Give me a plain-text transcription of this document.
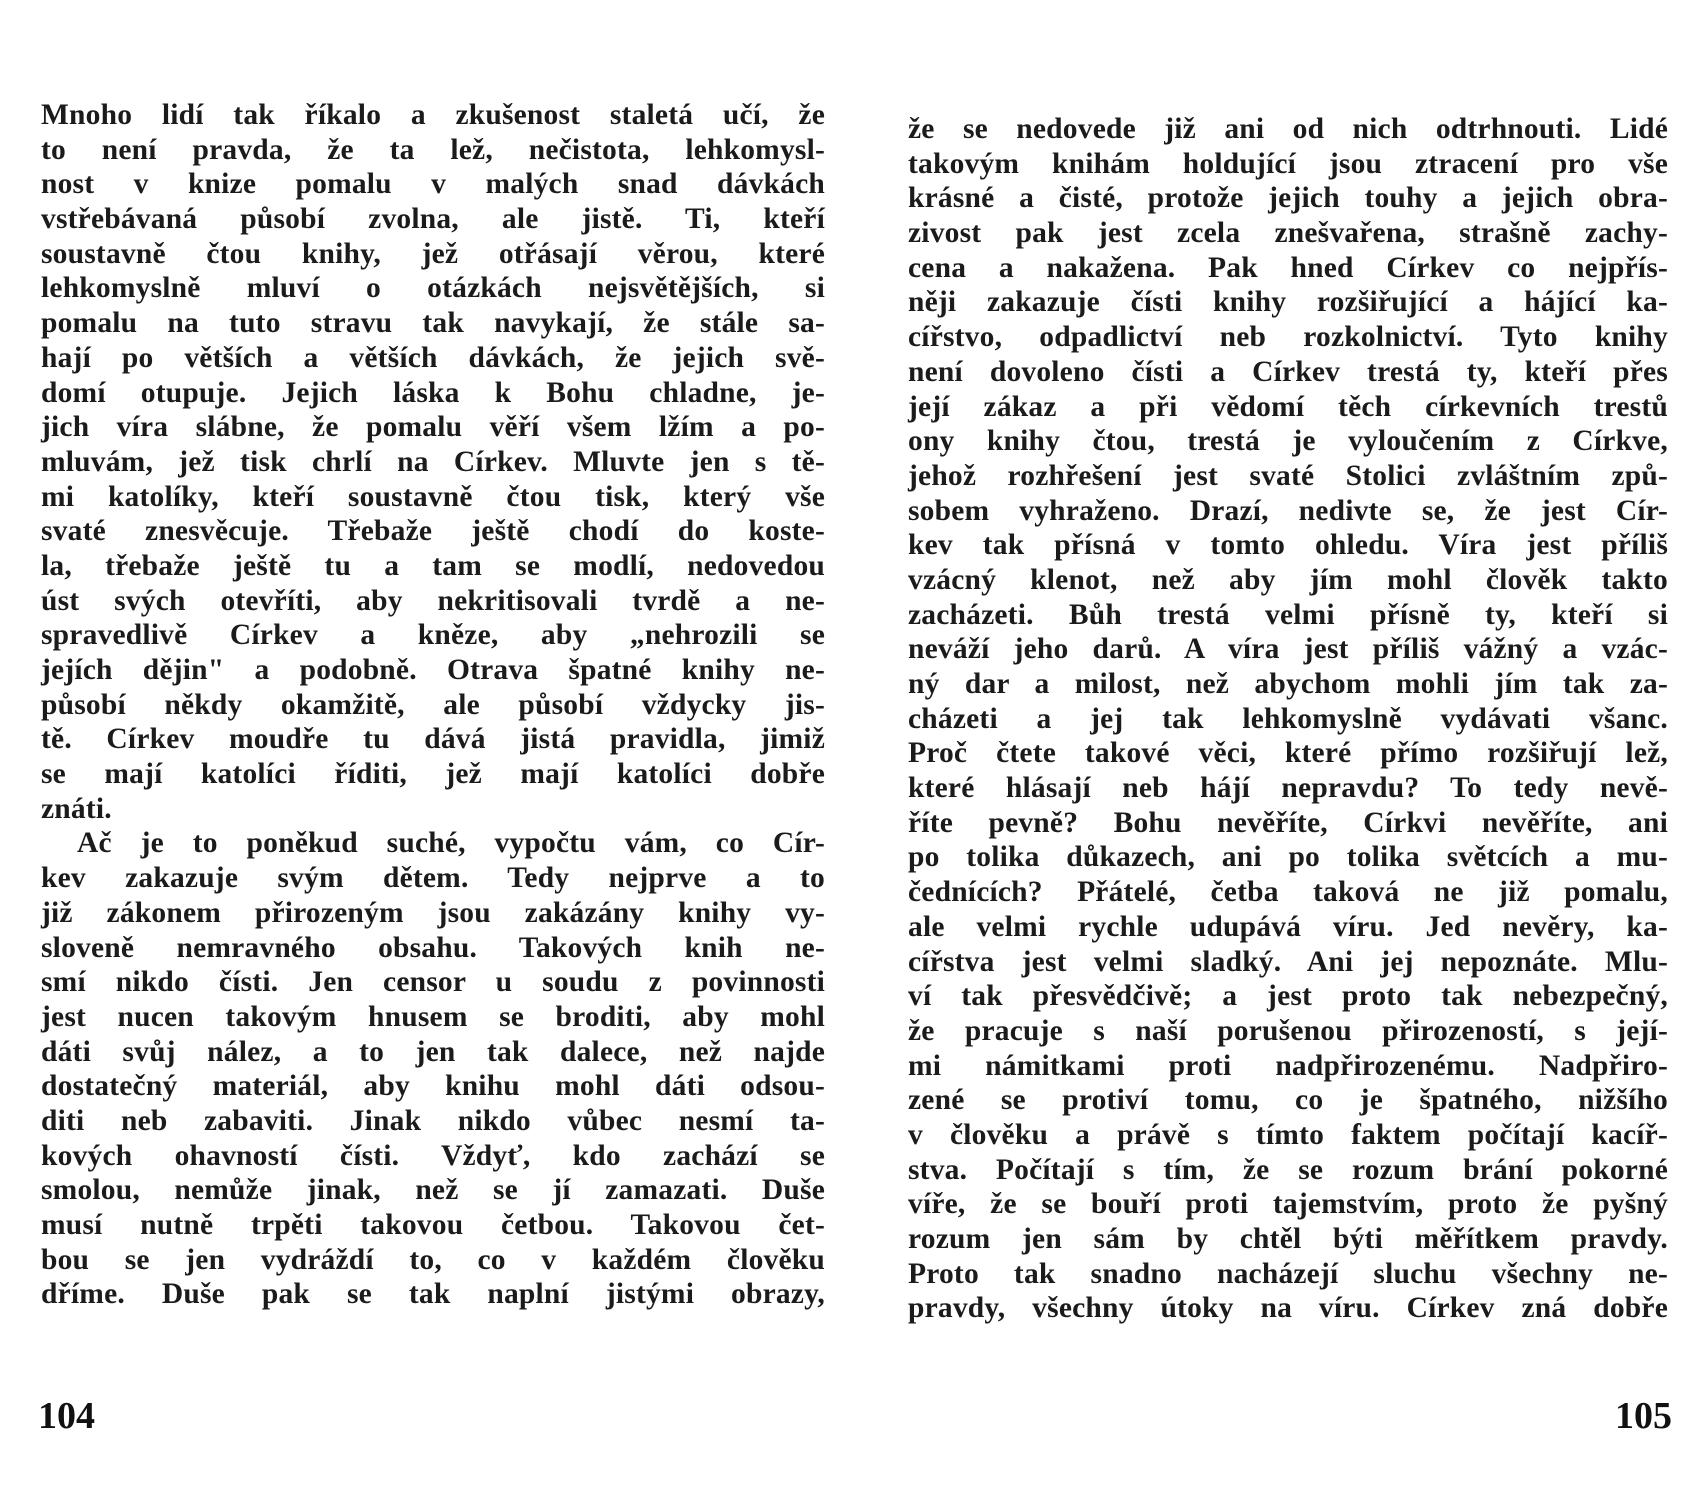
Mnoho lidí tak říkalo a zkušenost staletá učí, že
to není pravda, že ta lež, nečistota, lehkomysl-
nost v knize pomalu v malých snad dávkách
vstřebávaná působí zvolna, ale jistě. Ti, kteří
soustavně čtou knihy, jež otřásají věrou, které
lehkomyslně mluví o otázkách nejsvětějších, si
pomalu na tuto stravu tak navykají, že stále sa-
hají po větších a větších dávkách, že jejich svě-
domí otupuje. Jejich láska k Bohu chladne, je-
jich víra slábne, že pomalu věří všem lžím a po-
mluvám, jež tisk chrlí na Církev. Mluvte jen s tě-
mi katolíky, kteří soustavně čtou tisk, který vše
svaté znesvěcuje. Třebaže ještě chodí do koste-
la, třebaže ještě tu a tam se modlí, nedovedou
úst svých otevříti, aby nekritisovali tvrdě a ne-
spravedlivě Církev a kněze, aby „nehrozili se
jejích dějin" a podobně. Otrava špatné knihy ne-
působí někdy okamžitě, ale působí vždycky jis-
tě. Církev moudře tu dává jistá pravidla, jimiž
se mají katolíci říditi, jež mají katolíci dobře
znáti.
Ač je to poněkud suché, vypočtu vám, co Cír-
kev zakazuje svým dětem. Tedy nejprve a to
již zákonem přirozeným jsou zakázány knihy vy-
sloveně nemravného obsahu. Takových knih ne-
smí nikdo čísti. Jen censor u soudu z povinnosti
jest nucen takovým hnusem se broditi, aby mohl
dáti svůj nález, a to jen tak dalece, než najde
dostatečný materiál, aby knihu mohl dáti odsou-
diti neb zabaviti. Jinak nikdo vůbec nesmí ta-
kových ohavností čísti. Vždyť, kdo zachází se
smolou, nemůže jinak, než se jí zamazati. Duše
musí nutně trpěti takovou četbou. Takovou čet-
bou se jen vydráždí to, co v každém člověku
dříme. Duše pak se tak naplní jistými obrazy,
104
že se nedovede již ani od nich odtrhnouti. Lidé
takovým knihám holdující jsou ztracení pro vše
krásné a čisté, protože jejich touhy a jejich obra-
zivost pak jest zcela znešvařena, strašně zachy-
cena a nakažena. Pak hned Církev co nejpřís-
něji zakazuje čísti knihy rozšiřující a hájící ka-
cířstvo, odpadlictví neb rozkolnictví. Tyto knihy
není dovoleno čísti a Církev trestá ty, kteří přes
její zákaz a při vědomí těch církevních trestů
ony knihy čtou, trestá je vyloučením z Církve,
jehož rozhřešení jest svaté Stolici zvláštním způ-
sobem vyhraženo. Drazí, nedivte se, že jest Cír-
kev tak přísná v tomto ohledu. Víra jest příliš
vzácný klenot, než aby jím mohl člověk takto
zacházeti. Bůh trestá velmi přísně ty, kteří si
neváží jeho darů. A víra jest příliš vážný a vzác-
ný dar a milost, než abychom mohli jím tak za-
cházeti a jej tak lehkomyslně vydávati všanc.
Proč čtete takové věci, které přímo rozšiřují lež,
které hlásají neb hájí nepravdu? To tedy nevě-
říte pevně? Bohu nevěříte, Církvi nevěříte, ani
po tolika důkazech, ani po tolika světcích a mu-
čednících? Přátelé, četba taková ne již pomalu,
ale velmi rychle udupává víru. Jed nevěry, ka-
cířstva jest velmi sladký. Ani jej nepoznáte. Mlu-
ví tak přesvědčivě; a jest proto tak nebezpečný,
že pracuje s naší porušenou přirozeností, s její-
mi námitkami proti nadpřirozenému. Nadpřiro-
zené se protiví tomu, co je špatného, nižšího
v člověku a právě s tímto faktem počítají kacíř-
stva. Počítají s tím, že se rozum brání pokorné
víře, že se bouří proti tajemstvím, proto že pyšný
rozum jen sám by chtěl býti měřítkem pravdy.
Proto tak snadno nacházejí sluchu všechny ne-
pravdy, všechny útoky na víru. Církev zná dobře
105
